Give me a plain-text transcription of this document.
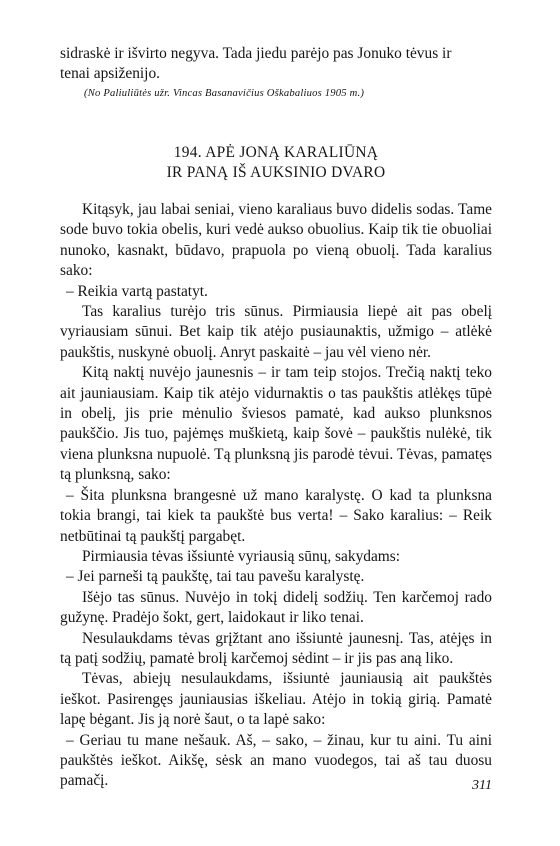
sidraskė ir išvirto negyva. Tada jiedu parėjo pas Jonuko tėvus ir
tenai apsiženijo.

(No Paliuliūtės užr. Vincas Basanavičius Oškabaliuos 1905 m.)

194. APĖ JONĄ KARALIŪNĄ
IR PANĄ IŠ AUKSINIO DVARO

Kitąsyk, jau labai seniai, vieno karaliaus buvo didelis sodas. Tame sode buvo tokia obelis, kuri vedė aukso obuolius. Kaip tik tie obuoliai nunoko, kasnakt, būdavo, prapuola po vieną obuolį. Tada karalius sako:

– Reikia vartą pastatyt.

Tas karalius turėjo tris sūnus. Pirmiausia liepė ait pas obelį vyriausiam sūnui. Bet kaip tik atėjo pusiaunaktis, užmigo – atlėkė paukštis, nuskynė obuolį. Anryt paskaitė – jau vėl vieno nėr.

Kitą naktį nuvėjo jaunesnis – ir tam teip stojos. Trečią naktį teko ait jauniausiam. Kaip tik atėjo vidurnaktis o tas paukštis atlėkęs tūpė in obelį, jis prie mėnulio šviesos pamatė, kad aukso plunksnos paukščio. Jis tuo, pajėmęs muškietą, kaip šovė – paukštis nulėkė, tik viena plunksna nupuolė. Tą plunksną jis parodė tėvui. Tėvas, pamatęs tą plunksną, sako:

– Šita plunksna brangesnė už mano karalystę. O kad ta plunksna tokia brangi, tai kiek ta paukštė bus verta! – Sako karalius: – Reik netbūtinai tą paukštį pargabęt.

Pirmiausia tėvas išsiuntė vyriausią sūnų, sakydams:

– Jei parneši tą paukštę, tai tau pavešu karalystę.

Išėjo tas sūnus. Nuvėjo in tokį didelį sodžių. Ten karčemoj rado gužynę. Pradėjo šokt, gert, laidokaut ir liko tenai.

Nesulaukdams tėvas grįžtant ano išsiuntė jaunesnį. Tas, atėjęs in tą patį sodžių, pamatė brolį karčemoj sėdint – ir jis pas aną liko.

Tėvas, abiejų nesulaukdams, išsiuntė jauniausią ait paukštės ieškot. Pasirengęs jauniausias iškeliau. Atėjo in tokią girią. Pamatė lapę bėgant. Jis ją norė šaut, o ta lapė sako:

– Geriau tu mane nešauk. Aš, – sako, – žinau, kur tu aini. Tu aini paukštės ieškot. Aikšę, sėsk an mano vuodegos, tai aš tau duosu pamačį.	311
